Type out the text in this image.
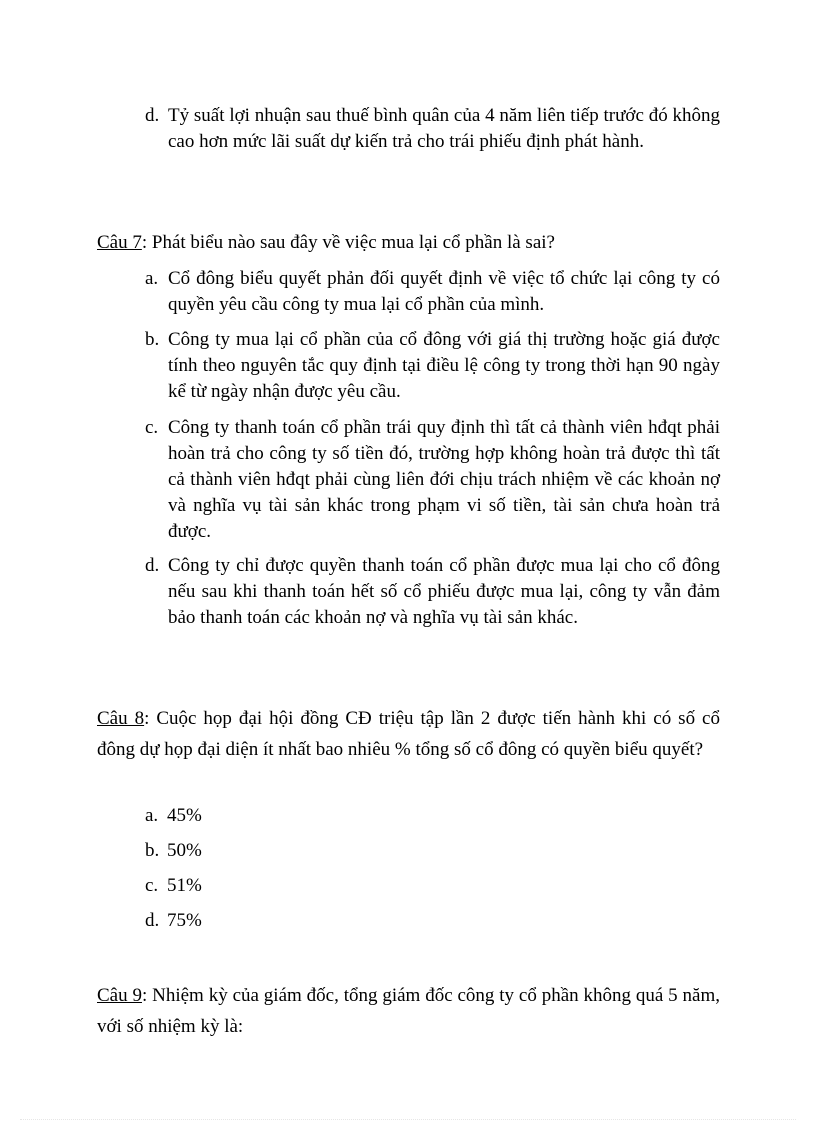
d. Tỷ suất lợi nhuận sau thuế bình quân của 4 năm liên tiếp trước đó không cao hơn mức lãi suất dự kiến trả cho trái phiếu định phát hành.
Câu 7: Phát biểu nào sau đây về việc mua lại cổ phần là sai?
a. Cổ đông biểu quyết phản đối quyết định về việc tổ chức lại công ty có quyền yêu cầu công ty mua lại cổ phần của mình.
b. Công ty mua lại cổ phần của cổ đông với giá thị trường hoặc giá được tính theo nguyên tắc quy định tại điều lệ công ty trong thời hạn 90 ngày kể từ ngày nhận được yêu cầu.
c. Công ty thanh toán cổ phần trái quy định thì tất cả thành viên hđqt phải hoàn trả cho công ty số tiền đó, trường hợp không hoàn trả được thì tất cả thành viên hđqt phải cùng liên đới chịu trách nhiệm về các khoản nợ và nghĩa vụ tài sản khác trong phạm vi số tiền, tài sản chưa hoàn trả được.
d. Công ty chỉ được quyền thanh toán cổ phần được mua lại cho cổ đông nếu sau khi thanh toán hết số cổ phiếu được mua lại, công ty vẫn đảm bảo thanh toán các khoản nợ và nghĩa vụ tài sản khác.
Câu 8: Cuộc họp đại hội đồng CĐ triệu tập lần 2 được tiến hành khi có số cổ đông dự họp đại diện ít nhất bao nhiêu % tổng số cổ đông có quyền biểu quyết?
a. 45%
b. 50%
c. 51%
d. 75%
Câu 9: Nhiệm kỳ của giám đốc, tổng giám đốc công ty cổ phần không quá 5 năm, với số nhiệm kỳ là:
